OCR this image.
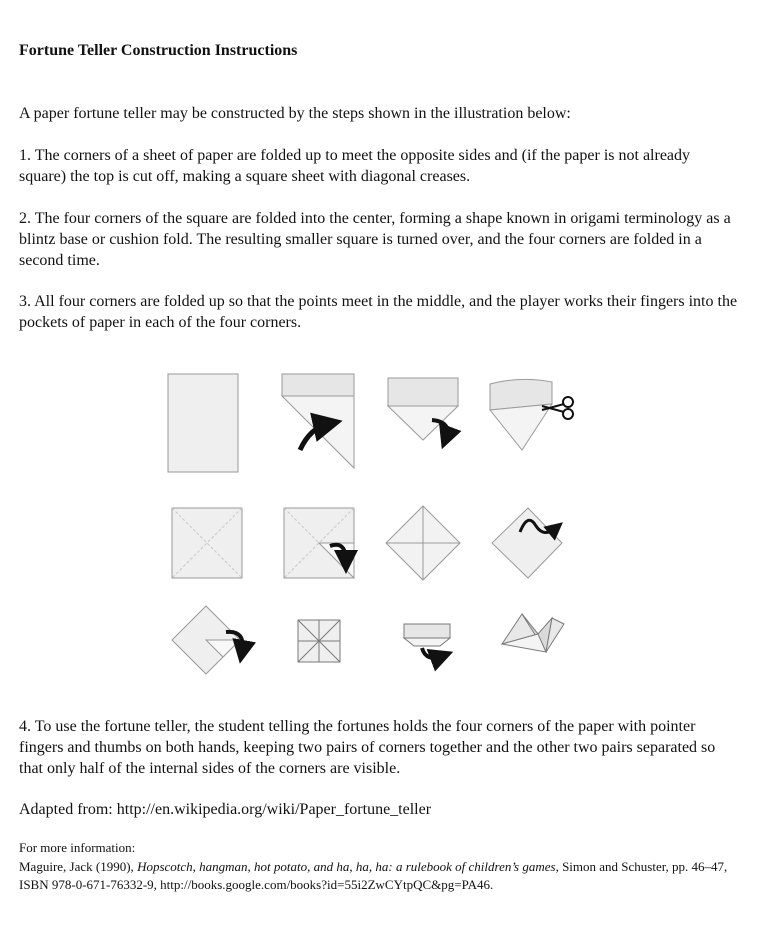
Fortune Teller Construction Instructions
A paper fortune teller may be constructed by the steps shown in the illustration below:
1. The corners of a sheet of paper are folded up to meet the opposite sides and (if the paper is not already square) the top is cut off, making a square sheet with diagonal creases.
2. The four corners of the square are folded into the center, forming a shape known in origami terminology as a blintz base or cushion fold. The resulting smaller square is turned over, and the four corners are folded in a second time.
3. All four corners are folded up so that the points meet in the middle, and the player works their fingers into the pockets of paper in each of the four corners.
4. To use the fortune teller, the student telling the fortunes holds the four corners of the paper with pointer fingers and thumbs on both hands, keeping two pairs of corners together and the other two pairs separated so that only half of the internal sides of the corners are visible.
Adapted from: http://en.wikipedia.org/wiki/Paper_fortune_teller
For more information:
Maguire, Jack (1990), Hopscotch, hangman, hot potato, and ha, ha, ha: a rulebook of children’s games, Simon and Schuster, pp. 46–47, ISBN 978-0-671-76332-9, http://books.google.com/books?id=55i2ZwCYtpQC&pg=PA46.
